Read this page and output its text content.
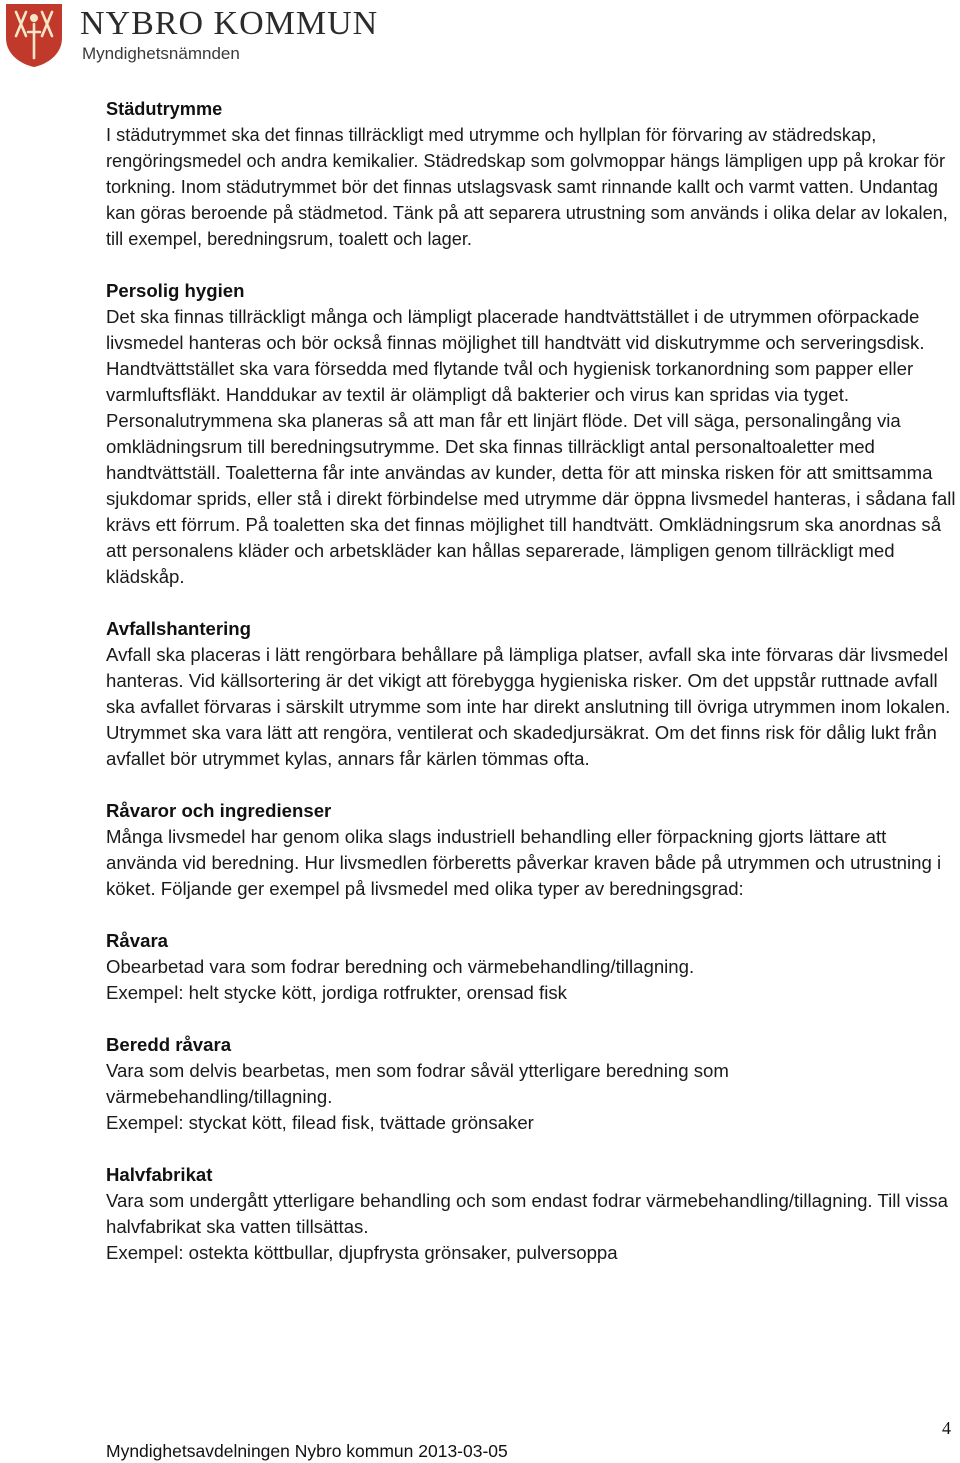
NYBRO KOMMUN
Myndighetsnämnden
Städutrymme

I städutrymmet ska det finnas tillräckligt med utrymme och hyllplan för förvaring av städredskap, rengöringsmedel och andra kemikalier. Städredskap som golvmoppar hängs lämpligen upp på krokar för torkning. Inom städutrymmet bör det finnas utslagsvask samt rinnande kallt och varmt vatten. Undantag kan göras beroende på städmetod. Tänk på att separera utrustning som används i olika delar av lokalen, till exempel, beredningsrum, toalett och lager.

Persolig hygien

Det ska finnas tillräckligt många och lämpligt placerade handtvättstället i de utrymmen oförpackade livsmedel hanteras och bör också finnas möjlighet till handtvätt vid diskutrymme och serveringsdisk. Handtvättstället ska vara försedda med flytande tvål och hygienisk torkanordning som papper eller varmluftsfläkt. Handdukar av textil är olämpligt då bakterier och virus kan spridas via tyget. Personalutrymmena ska planeras så att man får ett linjärt flöde. Det vill säga, personalingång via omklädningsrum till beredningsutrymme. Det ska finnas tillräckligt antal personaltoaletter med handtvättställ. Toaletterna får inte användas av kunder, detta för att minska risken för att smittsamma sjukdomar sprids, eller stå i direkt förbindelse med utrymme där öppna livsmedel hanteras, i sådana fall krävs ett förrum. På toaletten ska det finnas möjlighet till handtvätt. Omklädningsrum ska anordnas så att personalens kläder och arbetskläder kan hållas separerade, lämpligen genom tillräckligt med klädskåp.

Avfallshantering

Avfall ska placeras i lätt rengörbara behållare på lämpliga platser, avfall ska inte förvaras där livsmedel hanteras. Vid källsortering är det vikigt att förebygga hygieniska risker. Om det uppstår ruttnade avfall ska avfallet förvaras i särskilt utrymme som inte har direkt anslutning till övriga utrymmen inom lokalen. Utrymmet ska vara lätt att rengöra, ventilerat och skadedjursäkrat. Om det finns risk för dålig lukt från avfallet bör utrymmet kylas, annars får kärlen tömmas ofta.

Råvaror och ingredienser

Många livsmedel har genom olika slags industriell behandling eller förpackning gjorts lättare att använda vid beredning. Hur livsmedlen förberetts påverkar kraven både på utrymmen och utrustning i köket. Följande ger exempel på livsmedel med olika typer av beredningsgrad:

Råvara

Obearbetad vara som fodrar beredning och värmebehandling/tillagning.

Exempel: helt stycke kött, jordiga rotfrukter, orensad fisk

Beredd råvara

Vara som delvis bearbetas, men som fodrar såväl ytterligare beredning som värmebehandling/tillagning.

Exempel: styckat kött, filead fisk, tvättade grönsaker

Halvfabrikat

Vara som undergått ytterligare behandling och som endast fodrar värmebehandling/tillagning. Till vissa halvfabrikat ska vatten tillsättas.

Exempel: ostekta köttbullar, djupfrysta grönsaker, pulversoppa

4
Myndighetsavdelningen Nybro kommun 2013-03-05
